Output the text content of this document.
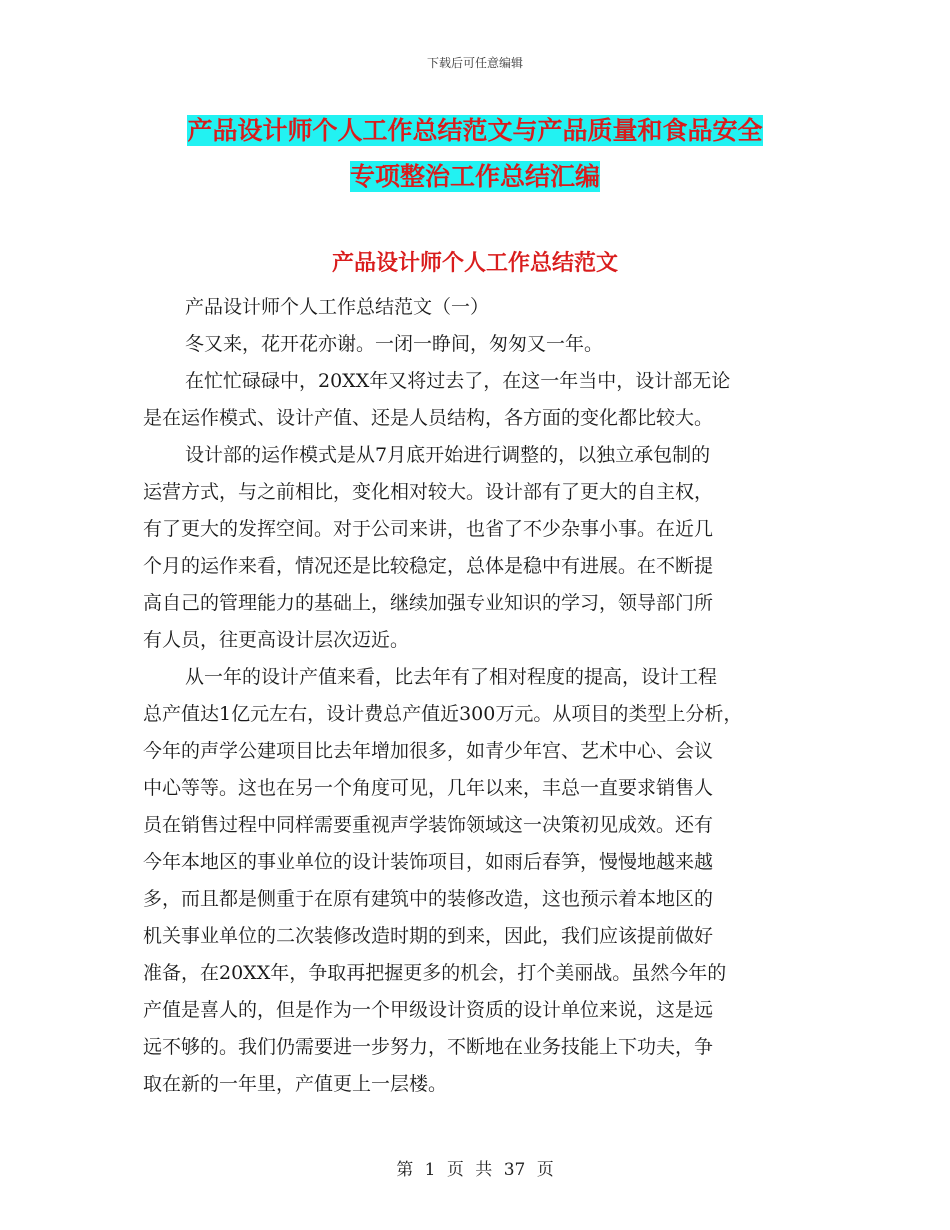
下载后可任意编辑
产品设计师个人工作总结范文与产品质量和食品安全
专项整治工作总结汇编
产品设计师个人工作总结范文
产品设计师个人工作总结范文（一）
冬又来，花开花亦谢。一闭一睁间，匆匆又一年。
在忙忙碌碌中，20XX年又将过去了，在这一年当中，设计部无论
是在运作模式、设计产值、还是人员结构，各方面的变化都比较大。
设计部的运作模式是从7月底开始进行调整的，以独立承包制的
运营方式，与之前相比，变化相对较大。设计部有了更大的自主权，
有了更大的发挥空间。对于公司来讲，也省了不少杂事小事。在近几
个月的运作来看，情况还是比较稳定，总体是稳中有进展。在不断提
高自己的管理能力的基础上，继续加强专业知识的学习，领导部门所
有人员，往更高设计层次迈近。
从一年的设计产值来看，比去年有了相对程度的提高，设计工程
总产值达1亿元左右，设计费总产值近300万元。从项目的类型上分析，
今年的声学公建项目比去年增加很多，如青少年宫、艺术中心、会议
中心等等。这也在另一个角度可见，几年以来，丰总一直要求销售人
员在销售过程中同样需要重视声学装饰领域这一决策初见成效。还有
今年本地区的事业单位的设计装饰项目，如雨后春笋，慢慢地越来越
多，而且都是侧重于在原有建筑中的装修改造，这也预示着本地区的
机关事业单位的二次装修改造时期的到来，因此，我们应该提前做好
准备，在20XX年，争取再把握更多的机会，打个美丽战。虽然今年的
产值是喜人的，但是作为一个甲级设计资质的设计单位来说，这是远
远不够的。我们仍需要进一步努力，不断地在业务技能上下功夫，争
取在新的一年里，产值更上一层楼。
第 1 页 共 37 页
